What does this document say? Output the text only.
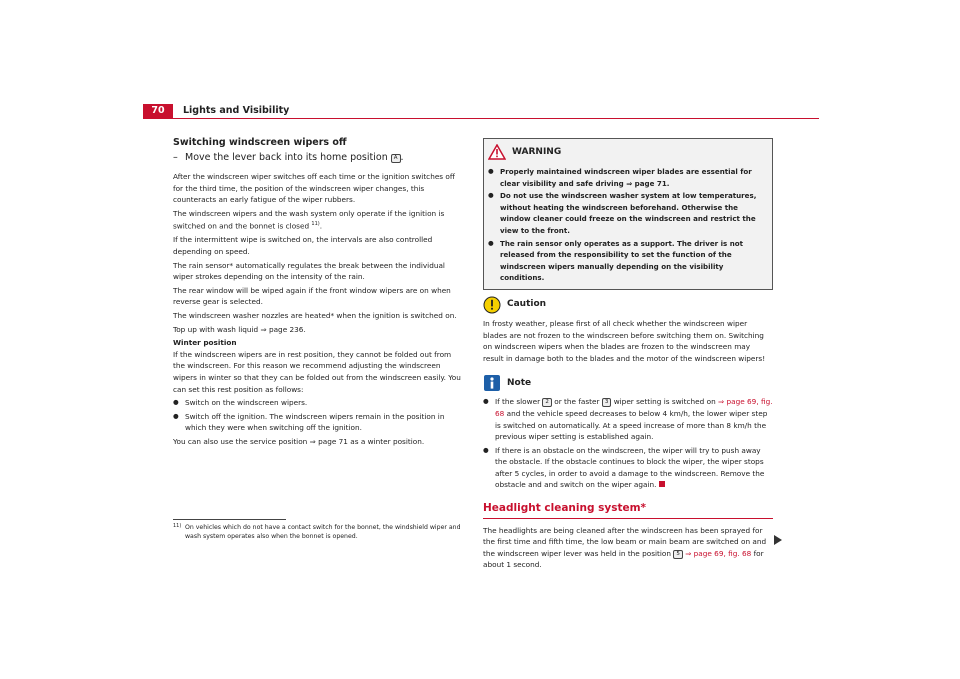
70	Lights and Visibility
Switching windscreen wipers off
– Move the lever back into its home position A .

After the windscreen wiper switches off each time or the ignition switches off for the third time, the position of the windscreen wiper changes, this counteracts an early fatigue of the wiper rubbers.

The windscreen wipers and the wash system only operate if the ignition is switched on and the bonnet is closed $^{11)}$.

If the intermittent wipe is switched on, the intervals are also controlled depending on speed.

The rain sensor* automatically regulates the break between the individual wiper strokes depending on the intensity of the rain.

The rear window will be wiped again if the front window wipers are on when reverse gear is selected.

The windscreen washer nozzles are heated* when the ignition is switched on.

Top up with wash liquid ⇒ page 236.

Winter position

If the windscreen wipers are in rest position, they cannot be folded out from the windscreen. For this reason we recommend adjusting the windscreen wipers in winter so that they can be folded out from the windscreen easily. You can set this rest position as follows:

● Switch on the windscreen wipers.

● Switch off the ignition. The windscreen wipers remain in the position in which they were when switching off the ignition.

You can also use the service position ⇒ page 71 as a winter position.

11) On vehicles which do not have a contact switch for the bonnet, the windshield wiper and wash system operates also when the bonnet is opened.
WARNING

● Properly maintained windscreen wiper blades are essential for clear visibility and safe driving ⇒ page 71.

● Do not use the windscreen washer system at low temperatures, without heating the windscreen beforehand. Otherwise the window cleaner could freeze on the windscreen and restrict the view to the front.

● The rain sensor only operates as a support. The driver is not released from the responsibility to set the function of the windscreen wipers manually depending on the visibility conditions.

Caution

In frosty weather, please first of all check whether the windscreen wiper blades are not frozen to the windscreen before switching them on. Switching on windscreen wipers when the blades are frozen to the windscreen may result in damage both to the blades and the motor of the windscreen wipers!

Note

● If the slower 2 or the faster 3 wiper setting is switched on ⇒ page 69, fig. 68 and the vehicle speed decreases to below 4 km/h, the lower wiper step is switched on automatically. At a speed increase of more than 8 km/h the previous wiper setting is established again.

● If there is an obstacle on the windscreen, the wiper will try to push away the obstacle. If the obstacle continues to block the wiper, the wiper stops after 5 cycles, in order to avoid a damage to the windscreen. Remove the obstacle and and switch on the wiper again.

Headlight cleaning system*

The headlights are being cleaned after the windscreen has been sprayed for the first time and fifth time, the low beam or main beam are switched on and the windscreen wiper lever was held in the position 5 ⇒ page 69, fig. 68 for about 1 second.
